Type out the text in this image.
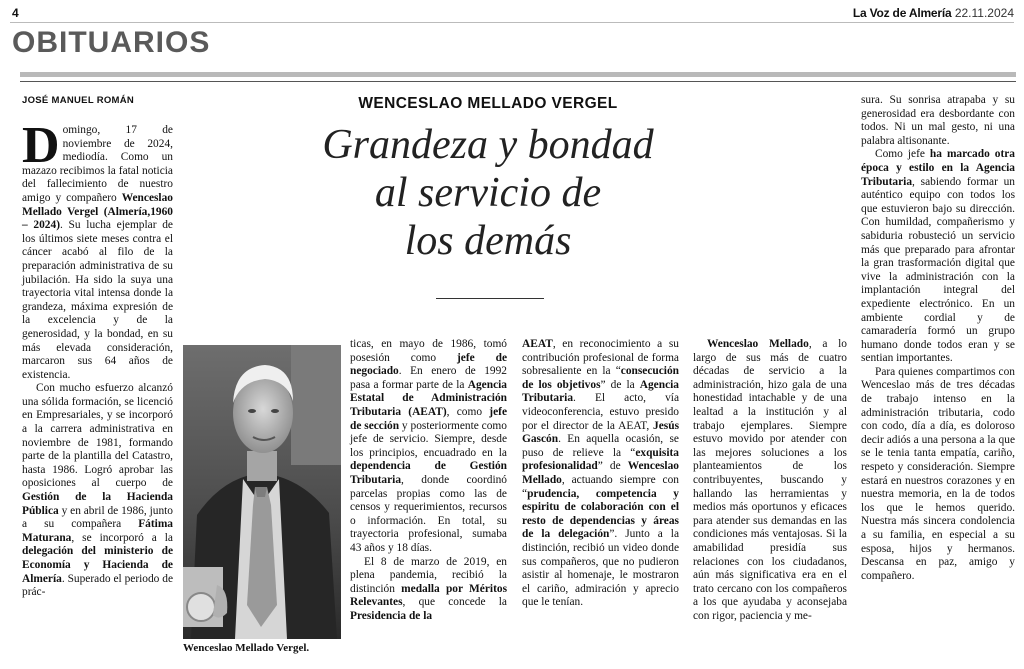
4	La Voz de Almería 22.11.2024
OBITUARIOS
JOSÉ MANUEL ROMÁN

Domingo, 17 de noviembre de 2024, mediodía. Como un mazazo recibimos la fatal noticia del fallecimiento de nuestro amigo y compañero Wenceslao Mellado Vergel (Almería,1960 – 2024). Su lucha ejemplar de los últimos siete meses contra el cáncer acabó al filo de la preparación administrativa de su jubilación. Ha sido la suya una trayectoria vital intensa donde la grandeza, máxima expresión de la excelencia y de la generosidad, y la bondad, en su más elevada consideración, marcaron sus 64 años de existencia.

Con mucho esfuerzo alcanzó una sólida formación, se licenció en Empresariales, y se incorporó a la carrera administrativa en noviembre de 1981, formando parte de la plantilla del Catastro, hasta 1986. Logró aprobar las oposiciones al cuerpo de Gestión de la Hacienda Pública y en abril de 1986, junto a su compañera Fátima Maturana, se incorporó a la delegación del ministerio de Economía y Hacienda de Almería. Superado el periodo de prác-

WENCESLAO MELLADO VERGEL
Grandeza y bondad
al servicio de
los demás
Wenceslao Mellado Vergel.

ticas, en mayo de 1986, tomó posesión como jefe de negociado. En enero de 1992 pasa a formar parte de la Agencia Estatal de Administración Tributaria (AEAT), como jefe de sección y posteriormente como jefe de servicio. Siempre, desde los principios, encuadrado en la dependencia de Gestión Tributaria, donde coordinó parcelas propias como las de censos y requerimientos, recursos o información. En total, su trayectoria profesional, sumaba 43 años y 18 días.

El 8 de marzo de 2019, en plena pandemia, recibió la distinción medalla por Méritos Relevantes, que concede la Presidencia de la

AEAT, en reconocimiento a su contribución profesional de forma sobresaliente en la “consecución de los objetivos” de la Agencia Tributaria. El acto, vía videoconferencia, estuvo presido por el director de la AEAT, Jesús Gascón. En aquella ocasión, se puso de relieve la “exquisita profesionalidad” de Wenceslao Mellado, actuando siempre con “prudencia, competencia y espiritu de colaboración con el resto de dependencias y áreas de la delegación”. Junto a la distinción, recibió un video donde sus compañeros, que no pudieron asistir al homenaje, le mostraron el cariño, admiración y aprecio que le tenían.

Wenceslao Mellado, a lo largo de sus más de cuatro décadas de servicio a la administración, hizo gala de una honestidad intachable y de una lealtad a la institución y al trabajo ejemplares. Siempre estuvo movido por atender con las mejores soluciones a los planteamientos de los contribuyentes, buscando y hallando las herramientas y medios más oportunos y eficaces para atender sus demandas en las condiciones más ventajosas. Si la amabilidad presidía sus relaciones con los ciudadanos, aún más significativa era en el trato cercano con los compañeros a los que ayudaba y aconsejaba con rigor, paciencia y me-

sura. Su sonrisa atrapaba y su generosidad era desbordante con todos. Ni un mal gesto, ni una palabra altisonante.

Como jefe ha marcado otra época y estilo en la Agencia Tributaria, sabiendo formar un auténtico equipo con todos los que estuvieron bajo su dirección. Con humildad, compañerismo y sabiduria robusteció un servicio más que preparado para afrontar la gran trasformación digital que vive la administración con la implantación integral del expediente electrónico. En un ambiente cordial y de camaradería formó un grupo humano donde todos eran y se sentian importantes.

Para quienes compartimos con Wenceslao más de tres décadas de trabajo intenso en la administración tributaria, codo con codo, día a día, es doloroso decir adiós a una persona a la que se le tenia tanta empatía, cariño, respeto y consideración. Siempre estará en nuestros corazones y en nuestra memoria, en la de todos los que le hemos querido. Nuestra más sincera condolencia a su familia, en especial a su esposa, hijos y hermanos. Descansa en paz, amigo y compañero.
